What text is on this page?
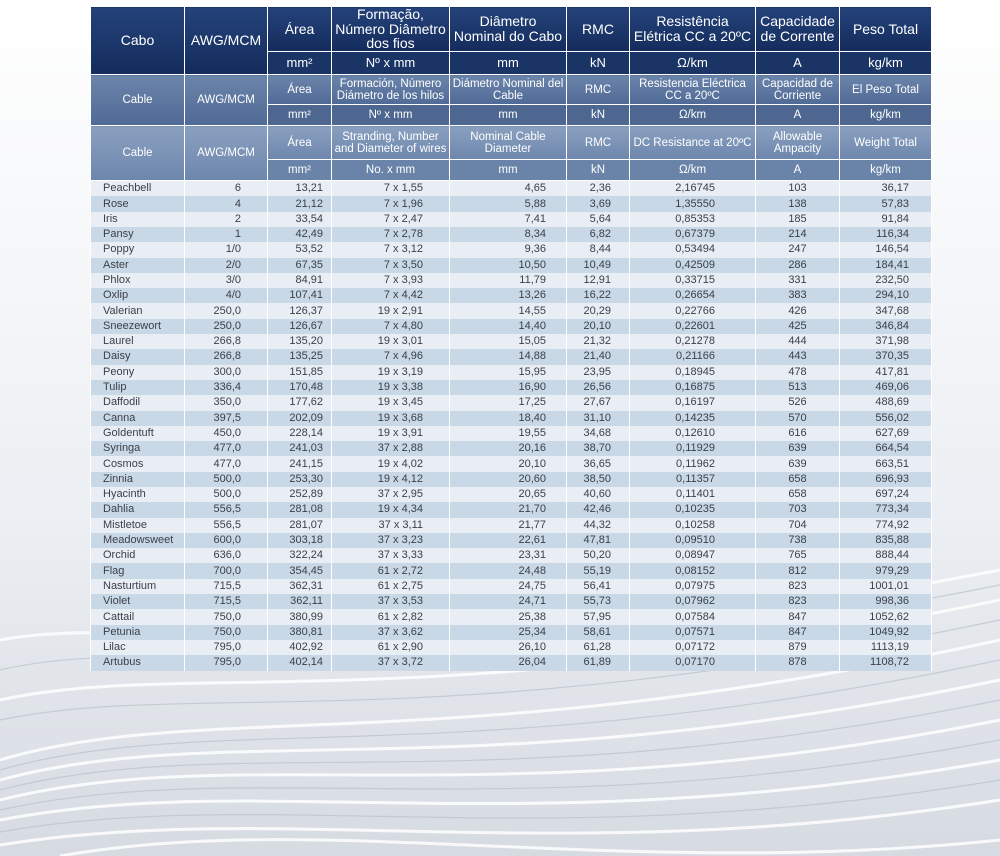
Cabo	AWG/MCM	Área	Formação, Número Diâmetro dos fios	Diâmetro Nominal do Cabo	RMC	Resistência Elétrica CC a 20ºC	Capacidade de Corrente	Peso Total
		mm²	Nº x mm	mm	kN	Ω/km	A	kg/km
Cable	AWG/MCM	Área	Formación, Número Diámetro de los hilos	Diámetro Nominal del Cable	RMC	Resistencia Eléctrica CC a 20ºC	Capacidad de Corriente	El Peso Total
		mm²	Nº x mm	mm	kN	Ω/km	A	kg/km
Cable	AWG/MCM	Área	Stranding, Number and Diameter of wires	Nominal Cable Diameter	RMC	DC Resistance at 20ºC	Allowable Ampacity	Weight Total
		mm²	No. x mm	mm	kN	Ω/km	A	kg/km
Peachbell	6	13,21	7 x 1,55	4,65	2,36	2,16745	103	36,17
Rose	4	21,12	7 x 1,96	5,88	3,69	1,35550	138	57,83
Iris	2	33,54	7 x 2,47	7,41	5,64	0,85353	185	91,84
Pansy	1	42,49	7 x 2,78	8,34	6,82	0,67379	214	116,34
Poppy	1/0	53,52	7 x 3,12	9,36	8,44	0,53494	247	146,54
Aster	2/0	67,35	7 x 3,50	10,50	10,49	0,42509	286	184,41
Phlox	3/0	84,91	7 x 3,93	11,79	12,91	0,33715	331	232,50
Oxlip	4/0	107,41	7 x 4,42	13,26	16,22	0,26654	383	294,10
Valerian	250,0	126,37	19 x 2,91	14,55	20,29	0,22766	426	347,68
Sneezewort	250,0	126,67	7 x 4,80	14,40	20,10	0,22601	425	346,84
Laurel	266,8	135,20	19 x 3,01	15,05	21,32	0,21278	444	371,98
Daisy	266,8	135,25	7 x 4,96	14,88	21,40	0,21166	443	370,35
Peony	300,0	151,85	19 x 3,19	15,95	23,95	0,18945	478	417,81
Tulip	336,4	170,48	19 x 3,38	16,90	26,56	0,16875	513	469,06
Daffodil	350,0	177,62	19 x 3,45	17,25	27,67	0,16197	526	488,69
Canna	397,5	202,09	19 x 3,68	18,40	31,10	0,14235	570	556,02
Goldentuft	450,0	228,14	19 x 3,91	19,55	34,68	0,12610	616	627,69
Syringa	477,0	241,03	37 x 2,88	20,16	38,70	0,11929	639	664,54
Cosmos	477,0	241,15	19 x 4,02	20,10	36,65	0,11962	639	663,51
Zinnia	500,0	253,30	19 x 4,12	20,60	38,50	0,11357	658	696,93
Hyacinth	500,0	252,89	37 x 2,95	20,65	40,60	0,11401	658	697,24
Dahlia	556,5	281,08	19 x 4,34	21,70	42,46	0,10235	703	773,34
Mistletoe	556,5	281,07	37 x 3,11	21,77	44,32	0,10258	704	774,92
Meadowsweet	600,0	303,18	37 x 3,23	22,61	47,81	0,09510	738	835,88
Orchid	636,0	322,24	37 x 3,33	23,31	50,20	0,08947	765	888,44
Flag	700,0	354,45	61 x 2,72	24,48	55,19	0,08152	812	979,29
Nasturtium	715,5	362,31	61 x 2,75	24,75	56,41	0,07975	823	1001,01
Violet	715,5	362,11	37 x 3,53	24,71	55,73	0,07962	823	998,36
Cattail	750,0	380,99	61 x 2,82	25,38	57,95	0,07584	847	1052,62
Petunia	750,0	380,81	37 x 3,62	25,34	58,61	0,07571	847	1049,92
Lilac	795,0	402,92	61 x 2,90	26,10	61,28	0,07172	879	1113,19
Artubus	795,0	402,14	37 x 3,72	26,04	61,89	0,07170	878	1108,72
